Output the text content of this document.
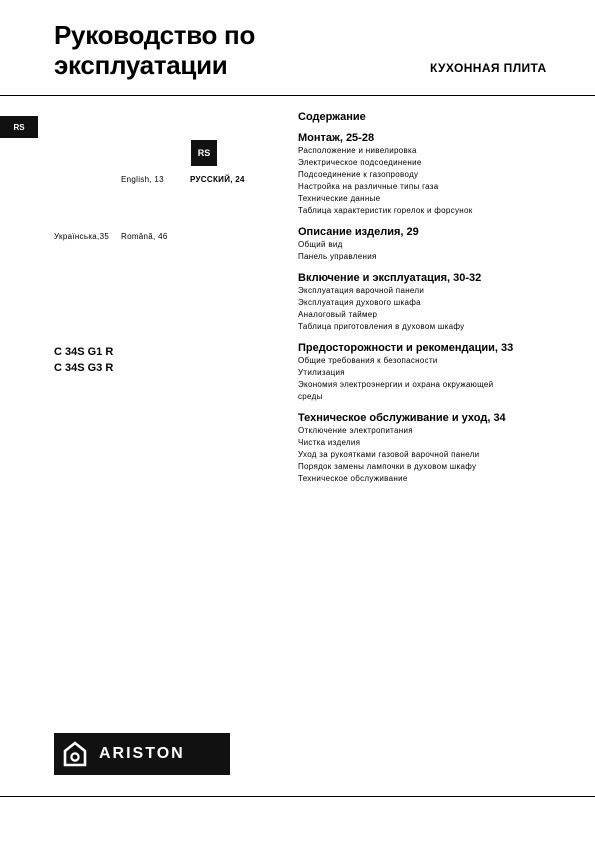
Руководство по
эксплуатации	КУХОННАЯ ПЛИТА
RS
RS
English, 13	РУССКИЙ, 24
Українська,35 Română, 46
C 34S G1 R
C 34S G3 R
Содержание
Монтаж, 25-28
Расположение и нивелировка
Электрическое подсоединение
Подсоединение к газопроводу
Настройка на различные типы газа
Технические данные
Таблица характеристик горелок и форсунок
Описание изделия, 29
Общий вид
Панель управления
Включение и эксплуатация, 30-32
Эксплуатация варочной панели
Эксплуатация духового шкафа
Аналоговый таймер
Таблица приготовления в духовом шкафу
Предосторожности и рекомендации, 33
Общие требования к безопасности
Утилизация
Экономия электроэнергии и охрана окружающей
среды
Техническое обслуживание и уход, 34
Отключение электропитания
Чистка изделия
Уход за рукоятками газовой варочной панели
Порядок замены лампочки в духовом шкафу
Техническое обслуживание
ARISTON
